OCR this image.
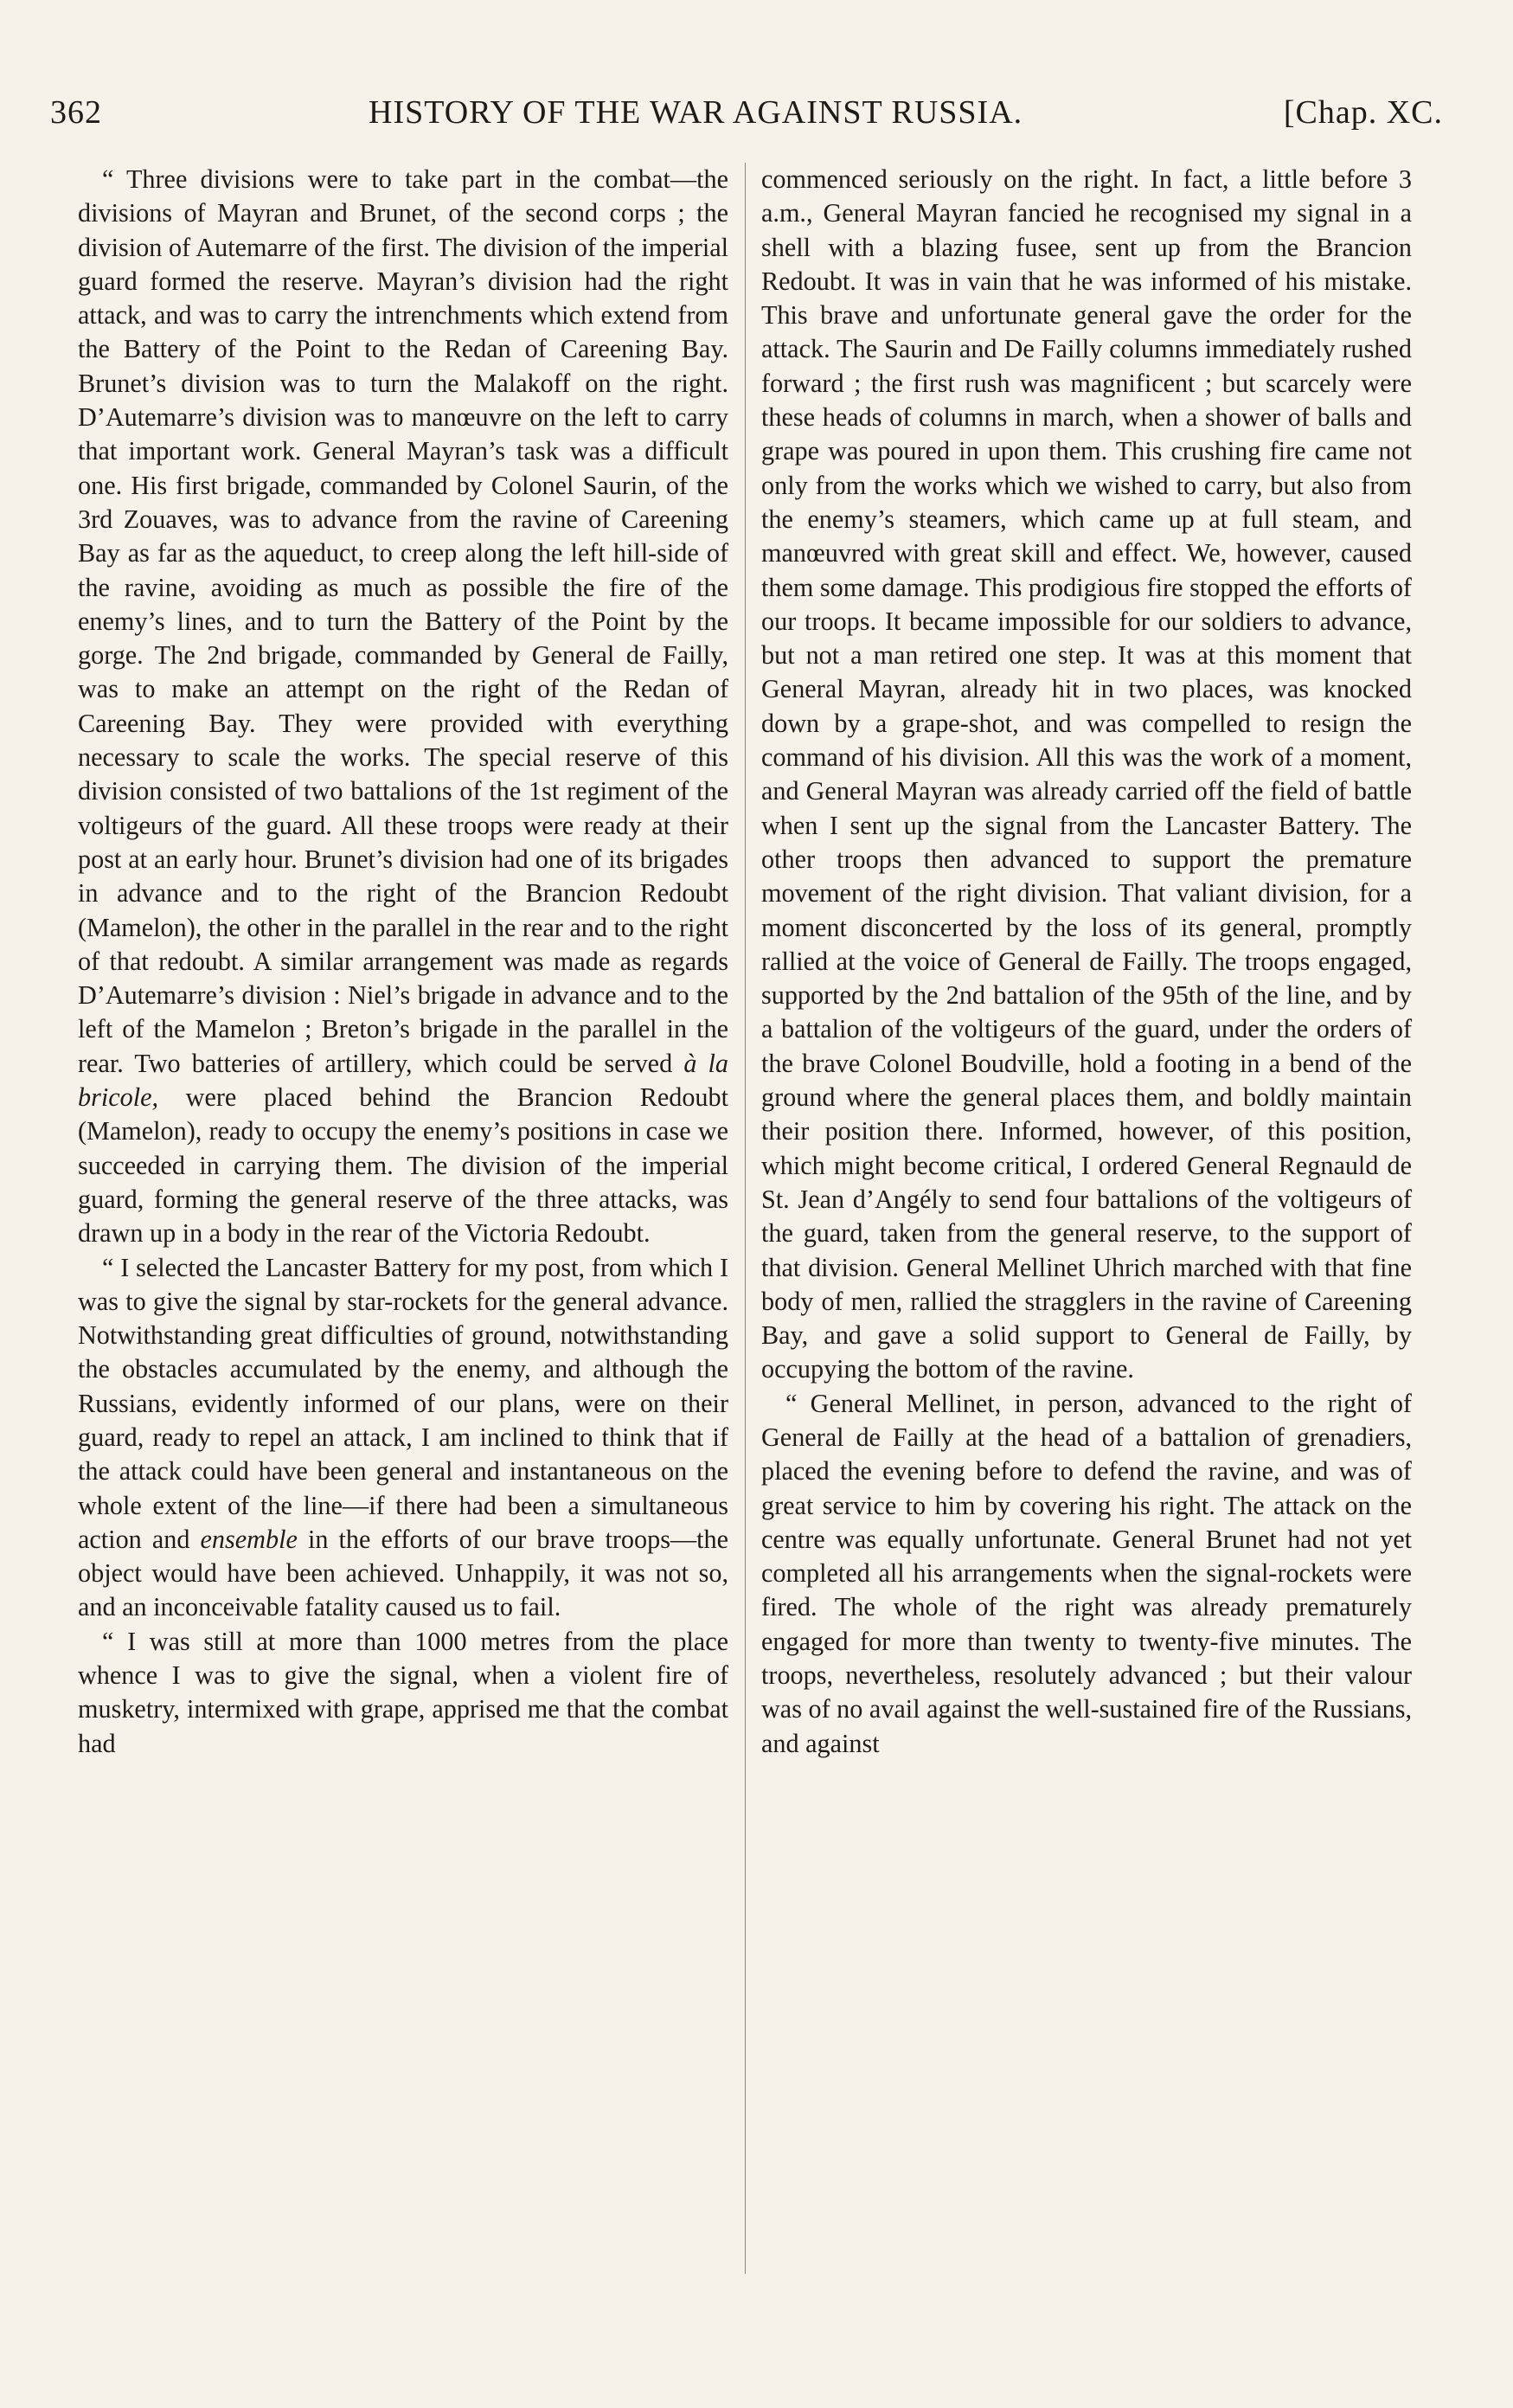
362	HISTORY OF THE WAR AGAINST RUSSIA.	[Chap. XC.

“ Three divisions were to take part in the combat—the divisions of Mayran and Brunet, of the second corps ; the division of Autemarre of the first. The division of the imperial guard formed the reserve. Mayran’s division had the right attack, and was to carry the intrenchments which extend from the Battery of the Point to the Redan of Careening Bay. Brunet’s division was to turn the Malakoff on the right. D’Autemarre’s division was to manœuvre on the left to carry that important work. General Mayran’s task was a difficult one. His first brigade, commanded by Colonel Saurin, of the 3rd Zouaves, was to advance from the ravine of Careening Bay as far as the aqueduct, to creep along the left hill-side of the ravine, avoiding as much as possible the fire of the enemy’s lines, and to turn the Battery of the Point by the gorge. The 2nd brigade, commanded by General de Failly, was to make an attempt on the right of the Redan of Careening Bay. They were provided with everything necessary to scale the works. The special reserve of this division consisted of two battalions of the 1st regiment of the voltigeurs of the guard. All these troops were ready at their post at an early hour. Brunet’s division had one of its brigades in advance and to the right of the Brancion Redoubt (Mamelon), the other in the parallel in the rear and to the right of that redoubt. A similar arrangement was made as regards D’Autemarre’s division : Niel’s brigade in advance and to the left of the Mamelon ; Breton’s brigade in the parallel in the rear. Two batteries of artillery, which could be served à la bricole, were placed behind the Brancion Redoubt (Mamelon), ready to occupy the enemy’s positions in case we succeeded in carrying them. The division of the imperial guard, forming the general reserve of the three attacks, was drawn up in a body in the rear of the Victoria Redoubt.

“ I selected the Lancaster Battery for my post, from which I was to give the signal by star-rockets for the general advance. Notwithstanding great difficulties of ground, notwithstanding the obstacles accumulated by the enemy, and although the Russians, evidently informed of our plans, were on their guard, ready to repel an attack, I am inclined to think that if the attack could have been general and instantaneous on the whole extent of the line—if there had been a simultaneous action and ensemble in the efforts of our brave troops—the object would have been achieved. Unhappily, it was not so, and an inconceivable fatality caused us to fail.

“ I was still at more than 1000 metres from the place whence I was to give the signal, when a violent fire of musketry, intermixed with grape, apprised me that the combat had

commenced seriously on the right. In fact, a little before 3 a.m., General Mayran fancied he recognised my signal in a shell with a blazing fusee, sent up from the Brancion Redoubt. It was in vain that he was informed of his mistake. This brave and unfortunate general gave the order for the attack. The Saurin and De Failly columns immediately rushed forward ; the first rush was magnificent ; but scarcely were these heads of columns in march, when a shower of balls and grape was poured in upon them. This crushing fire came not only from the works which we wished to carry, but also from the enemy’s steamers, which came up at full steam, and manœuvred with great skill and effect. We, however, caused them some damage. This prodigious fire stopped the efforts of our troops. It became impossible for our soldiers to advance, but not a man retired one step. It was at this moment that General Mayran, already hit in two places, was knocked down by a grape-shot, and was compelled to resign the command of his division. All this was the work of a moment, and General Mayran was already carried off the field of battle when I sent up the signal from the Lancaster Battery. The other troops then advanced to support the premature movement of the right division. That valiant division, for a moment disconcerted by the loss of its general, promptly rallied at the voice of General de Failly. The troops engaged, supported by the 2nd battalion of the 95th of the line, and by a battalion of the voltigeurs of the guard, under the orders of the brave Colonel Boudville, hold a footing in a bend of the ground where the general places them, and boldly maintain their position there. Informed, however, of this position, which might become critical, I ordered General Regnauld de St. Jean d’Angély to send four battalions of the voltigeurs of the guard, taken from the general reserve, to the support of that division. General Mellinet Uhrich marched with that fine body of men, rallied the stragglers in the ravine of Careening Bay, and gave a solid support to General de Failly, by occupying the bottom of the ravine.

“ General Mellinet, in person, advanced to the right of General de Failly at the head of a battalion of grenadiers, placed the evening before to defend the ravine, and was of great service to him by covering his right. The attack on the centre was equally unfortunate. General Brunet had not yet completed all his arrangements when the signal-rockets were fired. The whole of the right was already prematurely engaged for more than twenty to twenty-five minutes. The troops, nevertheless, resolutely advanced ; but their valour was of no avail against the well-sustained fire of the Russians, and against
